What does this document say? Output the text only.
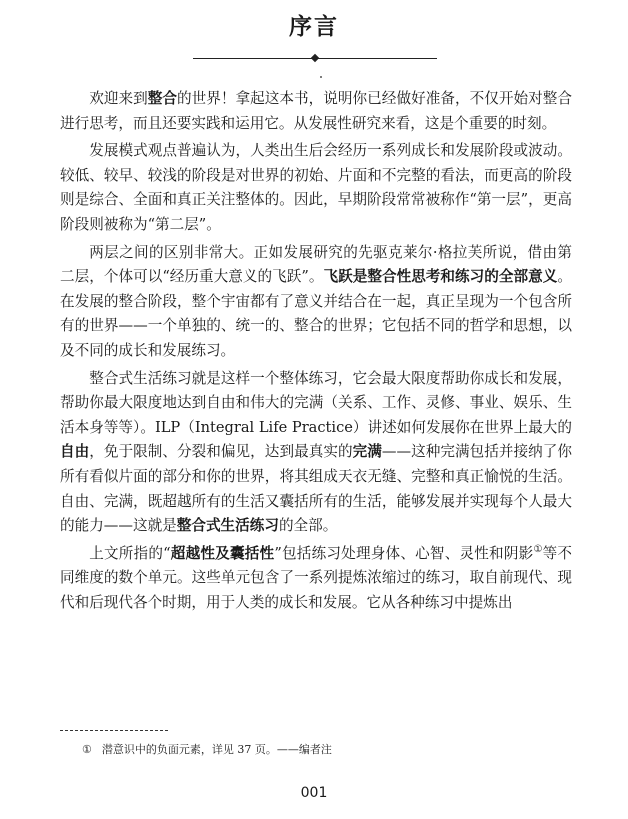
序言

欢迎来到整合的世界！拿起这本书，说明你已经做好准备，不仅开始对整合进行思考，而且还要实践和运用它。从发展性研究来看，这是个重要的时刻。

发展模式观点普遍认为，人类出生后会经历一系列成长和发展阶段或波动。较低、较早、较浅的阶段是对世界的初始、片面和不完整的看法，而更高的阶段则是综合、全面和真正关注整体的。因此，早期阶段常常被称作“第一层”，更高阶段则被称为“第二层”。

两层之间的区别非常大。正如发展研究的先驱克莱尔·格拉芙所说，借由第二层，个体可以“经历重大意义的飞跃”。飞跃是整合性思考和练习的全部意义。在发展的整合阶段，整个宇宙都有了意义并结合在一起，真正呈现为一个包含所有的世界——一个单独的、统一的、整合的世界；它包括不同的哲学和思想，以及不同的成长和发展练习。

整合式生活练习就是这样一个整体练习，它会最大限度帮助你成长和发展，帮助你最大限度地达到自由和伟大的完满（关系、工作、灵修、事业、娱乐、生活本身等等）。ILP（Integral Life Practice）讲述如何发展你在世界上最大的自由，免于限制、分裂和偏见，达到最真实的完满——这种完满包括并接纳了你所有看似片面的部分和你的世界，将其组成天衣无缝、完整和真正愉悦的生活。自由、完满，既超越所有的生活又囊括所有的生活，能够发展并实现每个人最大的能力——这就是整合式生活练习的全部。

上文所指的“超越性及囊括性”包括练习处理身体、心智、灵性和阴影①等不同维度的数个单元。这些单元包含了一系列提炼浓缩过的练习，取自前现代、现代和后现代各个时期，用于人类的成长和发展。它从各种练习中提炼出

① 潜意识中的负面元素，详见 37 页。——编者注
001
